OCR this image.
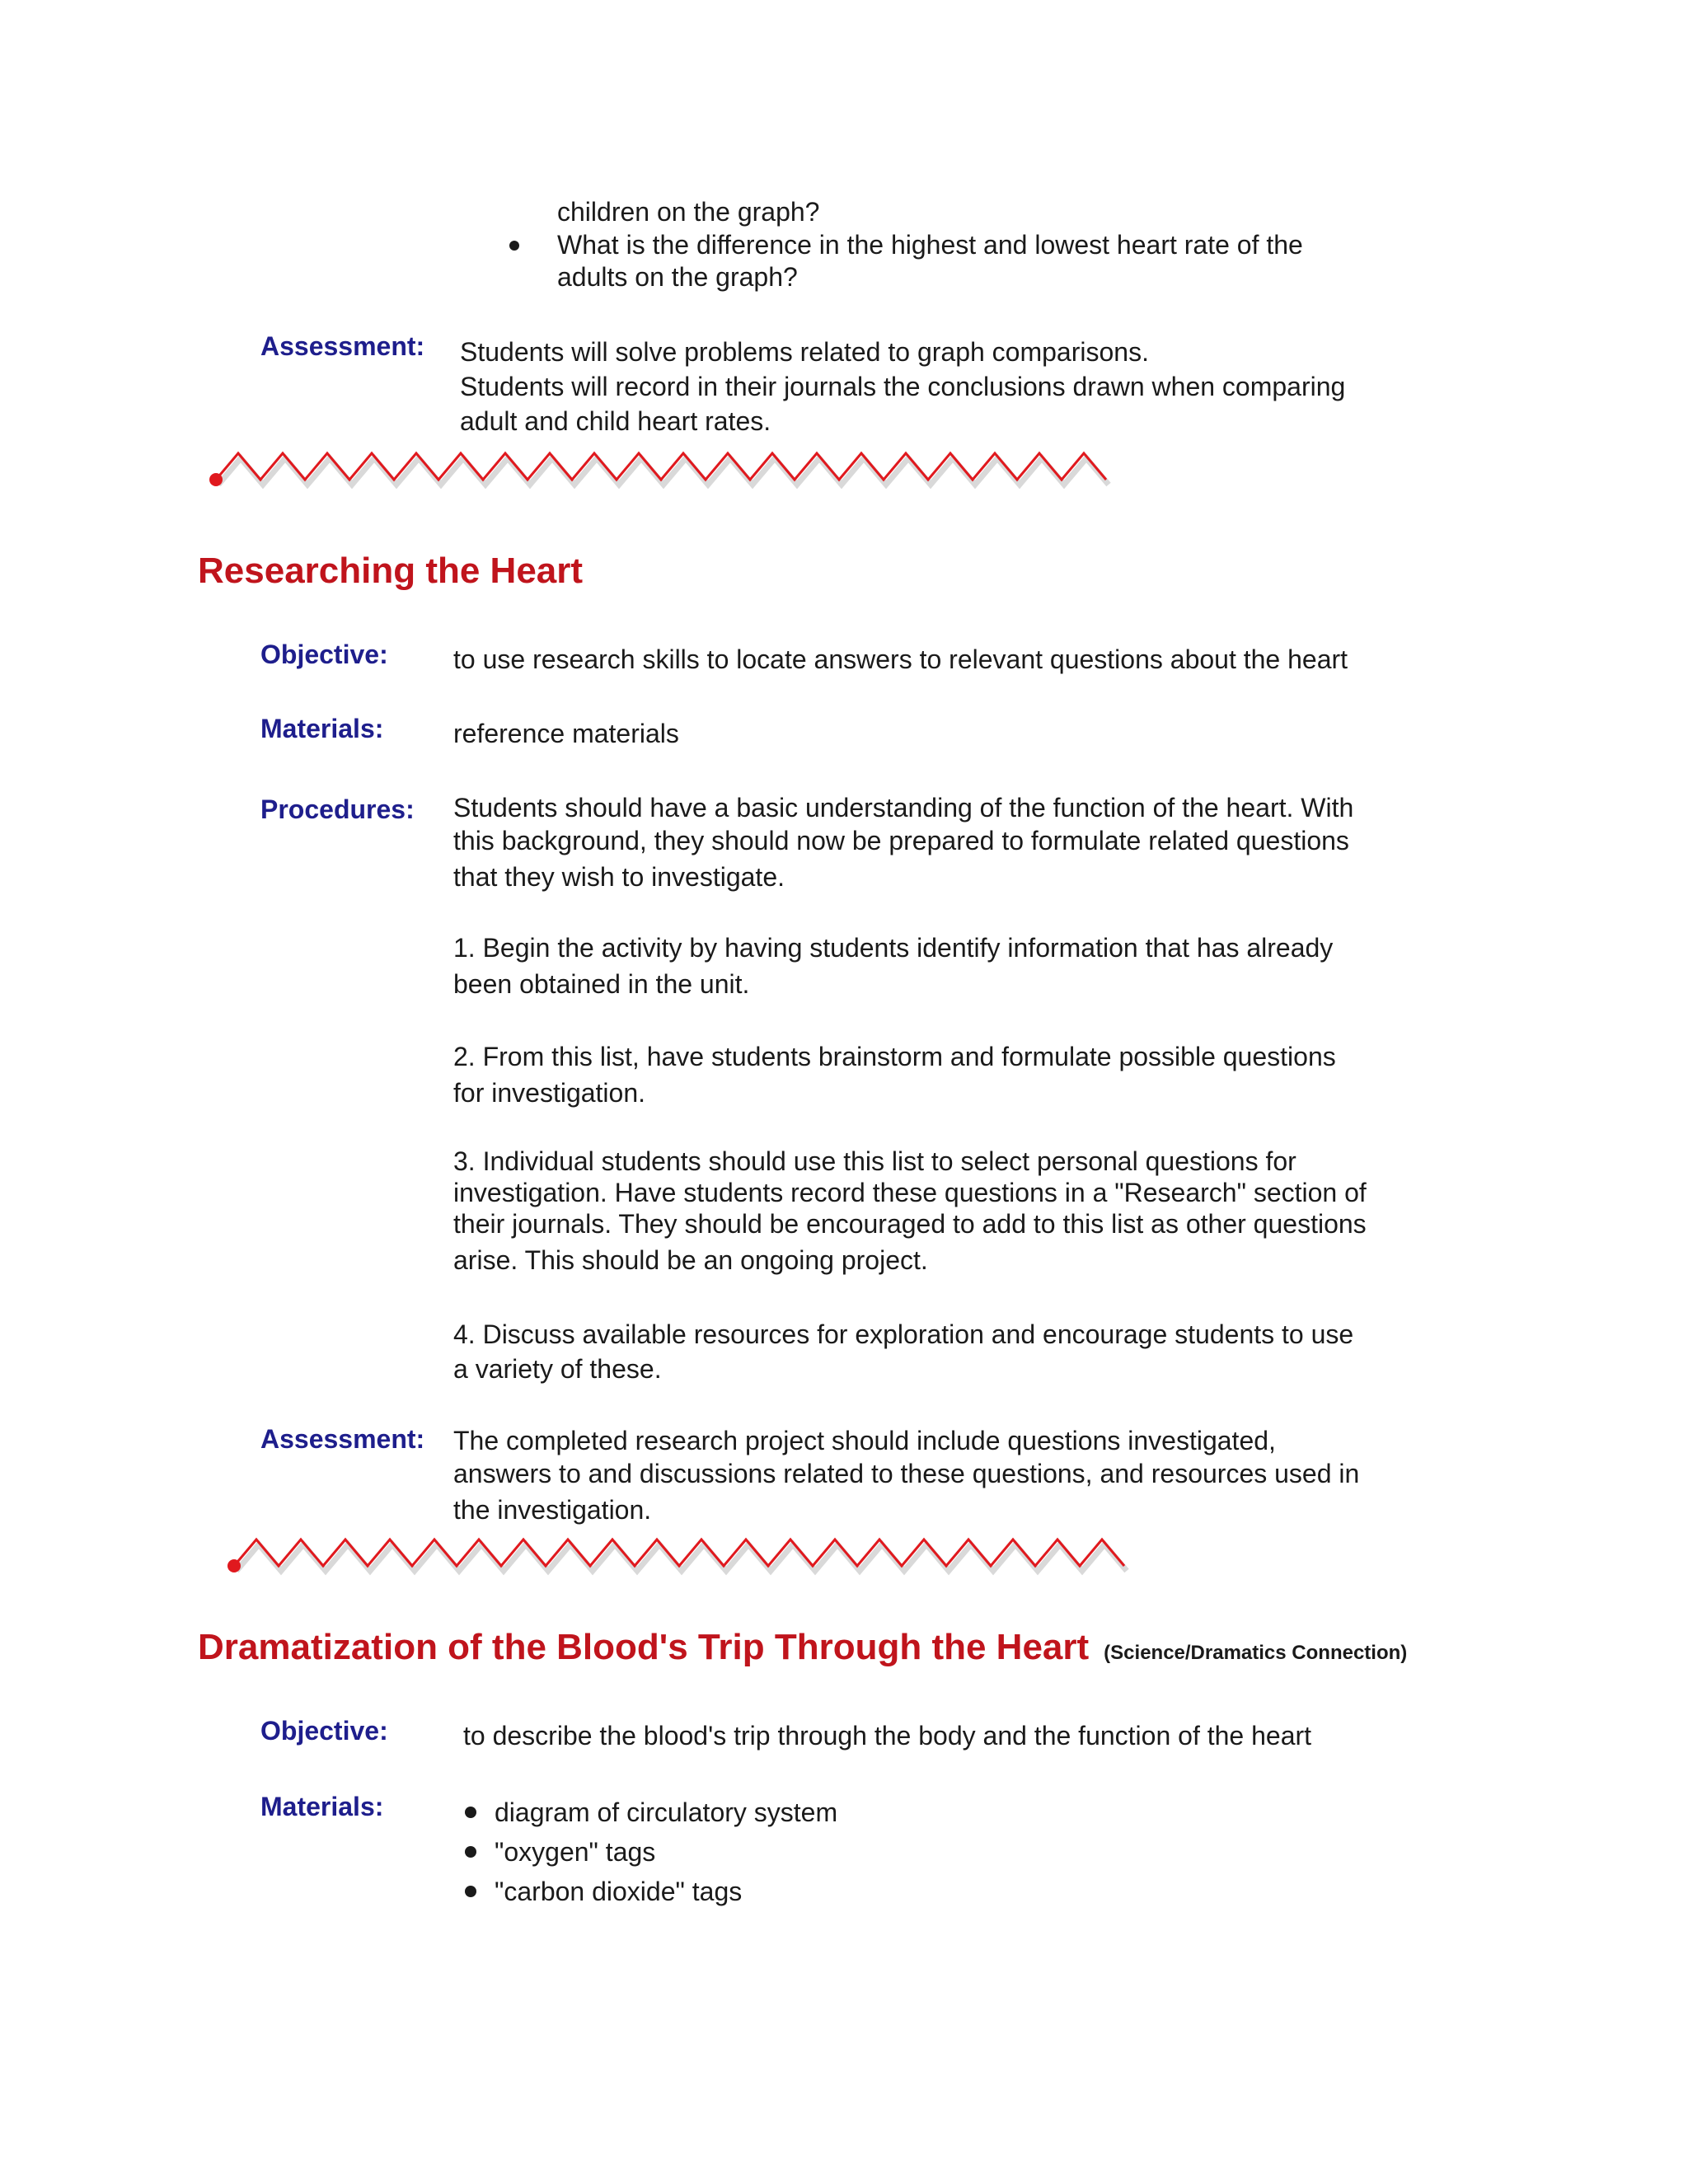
children on the graph?
What is the difference in the highest and lowest heart rate of the
adults on the graph?
Assessment: Students will solve problems related to graph comparisons.
Students will record in their journals the conclusions drawn when comparing
adult and child heart rates.
Researching the Heart
Objective: to use research skills to locate answers to relevant questions about the heart
Materials:	reference materials
Procedures: Students should have a basic understanding of the function of the heart. With
this background, they should now be prepared to formulate related questions
that they wish to investigate.
1. Begin the activity by having students identify information that has already
been obtained in the unit.
2. From this list, have students brainstorm and formulate possible questions
for investigation.
3. Individual students should use this list to select personal questions for
investigation. Have students record these questions in a "Research" section of
their journals. They should be encouraged to add to this list as other questions
arise. This should be an ongoing project.
4. Discuss available resources for exploration and encourage students to use
a variety of these.
Assessment: The completed research project should include questions investigated,
answers to and discussions related to these questions, and resources used in
the investigation.
Dramatization of the Blood's Trip Through the Heart (Science/Dramatics Connection)
Objective:	to describe the blood's trip through the body and the function of the heart
Materials:	diagram of circulatory system
"oxygen" tags
"carbon dioxide" tags
